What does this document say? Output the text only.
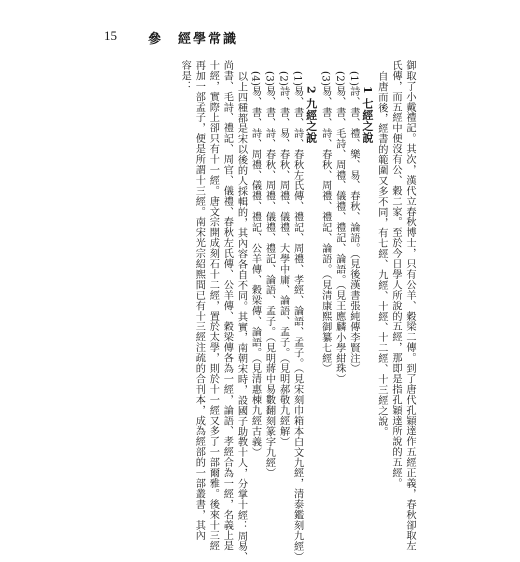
15 參 經學常識
御取了小戴禮記。其次，漢代立春秋博士，只有公羊、穀梁二傳。到了唐代孔穎達作五經正義，春秋卻取左
氏傳，而五經中便沒有公、穀二家。至於今日學人所說的五經，那即是指孔穎達所說的五經。
自唐而後，經書的範圍又多不同，有七經、九經、十經、十二經、十三經之說。
1 七經之說
(1)詩、書、禮、樂、易、春秋、論語。（見後漢書張純傳李賢注）
(2)易、書、毛詩、周禮、儀禮、禮記、論語。（見王應麟小學紺珠）
(3)易、書、詩、春秋、周禮、禮記、論語。（見清康熙御纂七經）
2 九經之說
(1)易、書、詩、春秋左氏傳、禮記、周禮、孝經、論語、孟子。（見宋刻巾箱本白文九經，清泰鑑刻九經）
(2)詩、書、易、春秋、周禮、儀禮、大學中庸、論語、孟子。（見明郝敬九經解）
(3)易、書、詩、春秋、周禮、儀禮、禮記、論語、孟子。（見明蔣中易數翻刻篆字九經）
(4)易、書、詩、周禮、儀禮、禮記、公羊傳、穀梁傳、論語。（見清惠棟九經古義）
以上四種都是宋以後的人採輯的，其內容各自不同。其實，南朝宋時，設國子助教十人，分掌十經：周易、
尚書、毛詩、禮記、周官、儀禮、春秋左氏傳、公羊傳、穀梁傳各為一經，論語、孝經合為一經，名義上是
十經，實際上卻只有十一經。唐文宗開成刻石十二經，置於太學，則於十一經又多了一部爾雅。後來十三經
再加一部孟子，便是所謂十三經。南宋光宗紹熙間已有十三經注疏的合刊本，成為經部的一部叢書，其內
容是：
